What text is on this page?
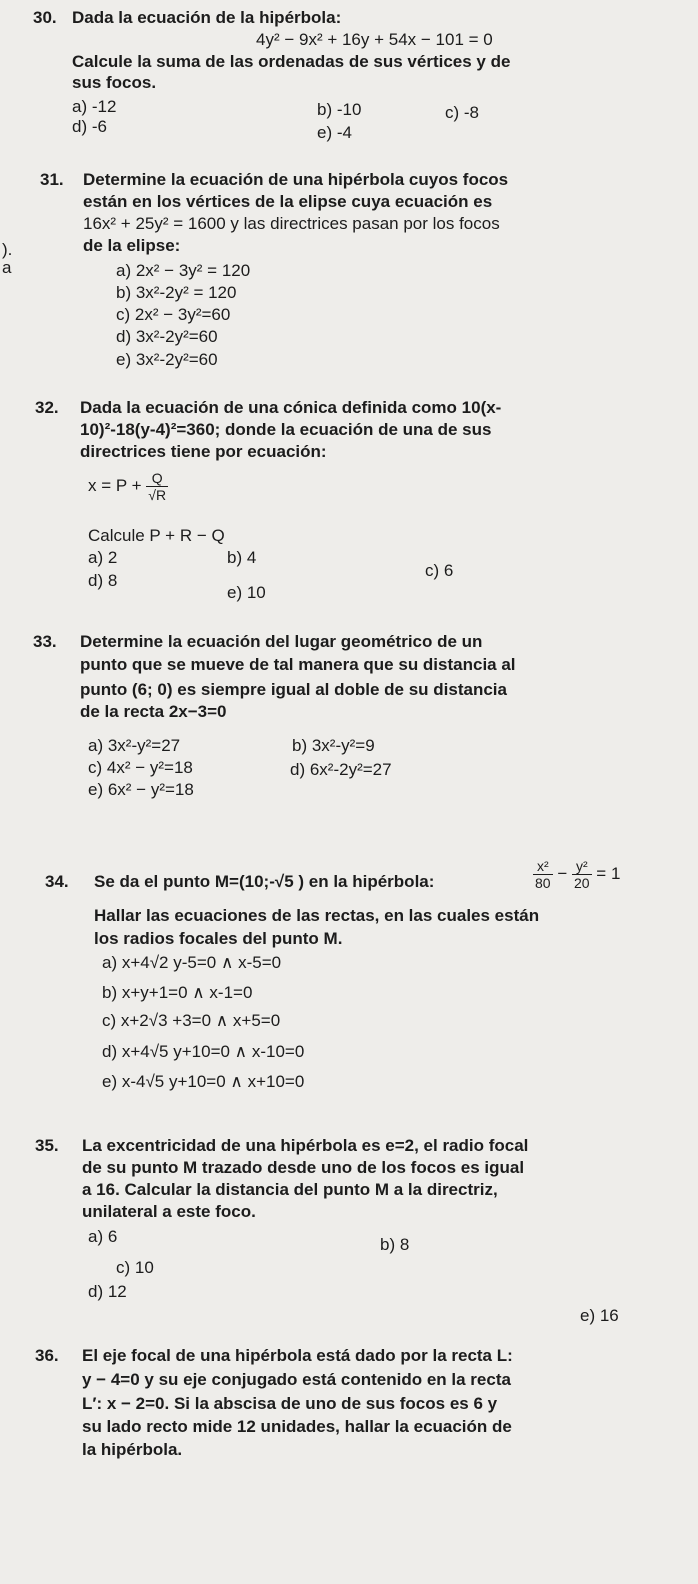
30. Dada la ecuación de la hipérbola:
4y² − 9x² + 16y + 54x − 101 = 0
Calcule la suma de las ordenadas de sus vértices y de
sus focos.
a) -12	b) -10	c) -8
d) -6	e) -4
31. Determine la ecuación de una hipérbola cuyos focos
están en los vértices de la elipse cuya ecuación es
16x² + 25y² = 1600 y las directrices pasan por los focos
).	de la elipse:
a	a) 2x² − 3y² = 120
b) 3x²-2y² = 120
c) 2x² − 3y²=60
d) 3x²-2y²=60
e) 3x²-2y²=60
32. Dada la ecuación de una cónica definida como 10(x-
10)²-18(y-4)²=360; donde la ecuación de una de sus
directrices tiene por ecuación:
$x = P + \frac{Q}{√R}$
Calcule P + R − Q
a) 2	b) 4
c) 6
d) 8
e) 10
33. Determine la ecuación del lugar geométrico de un
punto que se mueve de tal manera que su distancia al
punto (6; 0) es siempre igual al doble de su distancia
de la recta 2x−3=0
a) 3x²-y²=27	b) 3x²-y²=9
c) 4x² − y²=18	d) 6x²-2y²=27
e) 6x² − y²=18
34. Se da el punto M=(10;-√5 ) en la hipérbola:	$\frac{\text{x²}}{80} - \frac{\text{y²}}{20} = 1$
Hallar las ecuaciones de las rectas, en las cuales están
los radios focales del punto M.
a) x+4√2 y-5=0 ∧ x-5=0
b) x+y+1=0 ∧ x-1=0
c) x+2√3 +3=0 ∧ x+5=0
d) x+4√5 y+10=0 ∧ x-10=0
e) x-4√5 y+10=0 ∧ x+10=0
35. La excentricidad de una hipérbola es e=2, el radio focal
de su punto M trazado desde uno de los focos es igual
a 16. Calcular la distancia del punto M a la directriz,
unilateral a este foco.
a) 6	b) 8
c) 10
d) 12
e) 16
36. El eje focal de una hipérbola está dado por la recta L:
y − 4=0 y su eje conjugado está contenido en la recta
L′: x − 2=0. Si la abscisa de uno de sus focos es 6 y
su lado recto mide 12 unidades, hallar la ecuación de
la hipérbola.
